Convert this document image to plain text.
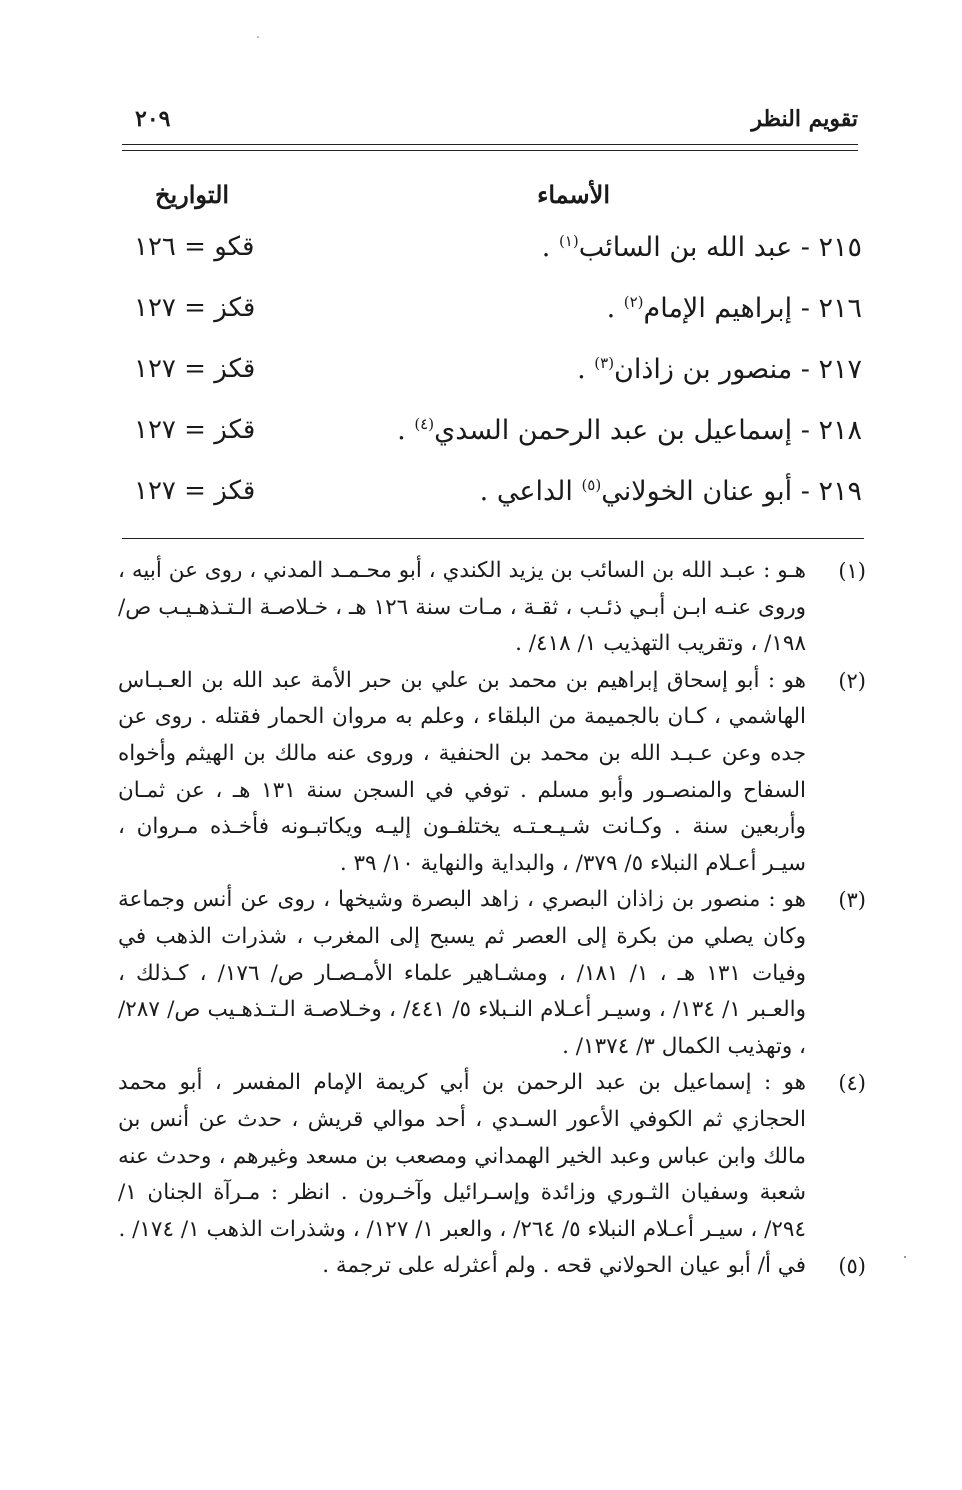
تقويم النظر
٢٠٩
الأسماء
التواريخ
٢١٥ - عبد الله بن السائب$^{(١)}$ .
قكو = ١٢٦
٢١٦ - إبراهيم الإمام$^{(٢)}$ .
قكز = ١٢٧
٢١٧ - منصور بن زاذان$^{(٣)}$ .
قكز = ١٢٧
٢١٨ - إسماعيل بن عبد الرحمن السدي$^{(٤)}$ .
قكز = ١٢٧
٢١٩ - أبو عنان الخولاني$^{(٥)}$ الداعي .
قكز = ١٢٧
(١)
هـو : عبـد الله بن السائب بن يزيد الكندي ، أبو محـمـد المدني ، روى عن أبيه ، وروى عنـه ابـن أبـي ذئـب ، ثقـة ، مـات سنة ١٢٦ هـ ، خـلاصـة الـتـذهـيـب ص/ ١٩٨/ ، وتقريب التهذيب ١/ ٤١٨/ .
(٢)
هو : أبو إسحاق إبراهيم بن محمد بن علي بن حبر الأمة عبد الله بن العـبـاس الهاشمي ، كـان بالجميمة من البلقاء ، وعلم به مروان الحمار فقتله . روى عن جده وعن عـبـد الله بن محمد بن الحنفية ، وروى عنه مالك بن الهيثم وأخواه السفاح والمنصـور وأبو مسلم . توفي في السجن سنة ١٣١ هـ ، عن ثمـان وأربعين سنة . وكـانت شـيـعـتـه يختلفـون إليـه ويكاتبـونه فأخـذه مـروان ، سيـر أعـلام النبلاء ٥/ ٣٧٩/ ، والبداية والنهاية ١٠/ ٣٩ .
(٣)
هو : منصور بن زاذان البصري ، زاهد البصرة وشيخها ، روى عن أنس وجماعة وكان يصلي من بكرة إلى العصر ثم يسبح إلى المغرب ، شذرات الذهب في وفيات ١٣١ هـ ، ١/ ١٨١/ ، ومشـاهير علماء الأمـصـار ص/ ١٧٦/ ، كـذلك ، والعـبر ١/ ١٣٤/ ، وسيـر أعـلام النـبلاء ٥/ ٤٤١/ ، وخـلاصـة الـتـذهـيب ص/ ٢٨٧/ ، وتهذيب الكمال ٣/ ١٣٧٤/ .
(٤)
هو : إسماعيل بن عبد الرحمن بن أبي كريمة الإمام المفسر ، أبو محمد الحجازي ثم الكوفي الأعور السـدي ، أحد موالي قريش ، حدث عن أنس بن مالك وابن عباس وعبد الخير الهمداني ومصعب بن مسعد وغيرهم ، وحدث عنه شعبة وسفيان الثـوري وزائدة وإسـرائيل وآخـرون . انظر : مـرآة الجنان ١/ ٢٩٤/ ، سيـر أعـلام النبلاء ٥/ ٢٦٤/ ، والعبر ١/ ١٢٧/ ، وشذرات الذهب ١/ ١٧٤/ .
(٥)
في أ/ أبو عيان الحولاني قحه . ولم أعثرله على ترجمة .
